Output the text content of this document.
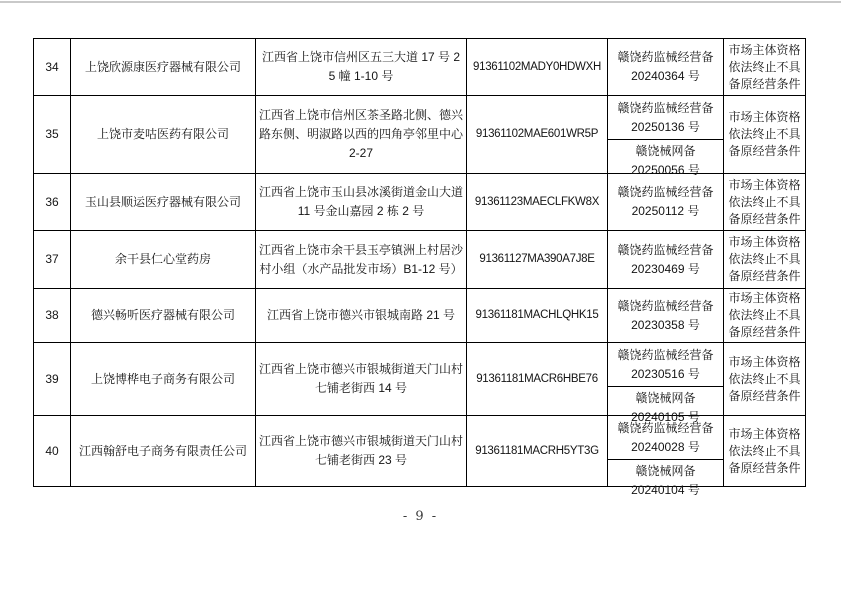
34	上饶欣源康医疗器械有限公司	江西省上饶市信州区五三大道 17 号 25 幢 1-10 号	91361102MADY0HDWXH	赣饶药监械经营备
20240364 号	市场主体资格依法终止不具备原经营条件
35	上饶市麦咕医药有限公司	江西省上饶市信州区茶圣路北侧、德兴路东侧、明淑路以西的四角亭邻里中心 2-27	91361102MAE601WR5P	赣饶药监械经营备
20250136 号
赣饶械网备
20250056 号	市场主体资格依法终止不具备原经营条件
36	玉山县顺运医疗器械有限公司	江西省上饶市玉山县冰溪街道金山大道 11 号金山嘉园 2 栋 2 号	91361123MAECLFKW8X	赣饶药监械经营备
20250112 号	市场主体资格依法终止不具备原经营条件
37	余干县仁心堂药房	江西省上饶市余干县玉亭镇洲上村居沙村小组（水产品批发市场）B1-12 号）	91361127MA390A7J8E	赣饶药监械经营备
20230469 号	市场主体资格依法终止不具备原经营条件
38	德兴畅听医疗器械有限公司	江西省上饶市德兴市银城南路 21 号	91361181MACHLQHK15	赣饶药监械经营备
20230358 号	市场主体资格依法终止不具备原经营条件
39	上饶博桦电子商务有限公司	江西省上饶市德兴市银城街道天门山村七铺老街西 14 号	91361181MACR6HBE76	赣饶药监械经营备
20230516 号
赣饶械网备
20240105 号	市场主体资格依法终止不具备原经营条件
40	江西翰舒电子商务有限责任公司	江西省上饶市德兴市银城街道天门山村七铺老街西 23 号	91361181MACRH5YT3G	赣饶药监械经营备
20240028 号
赣饶械网备
20240104 号	市场主体资格依法终止不具备原经营条件
- 9 -
